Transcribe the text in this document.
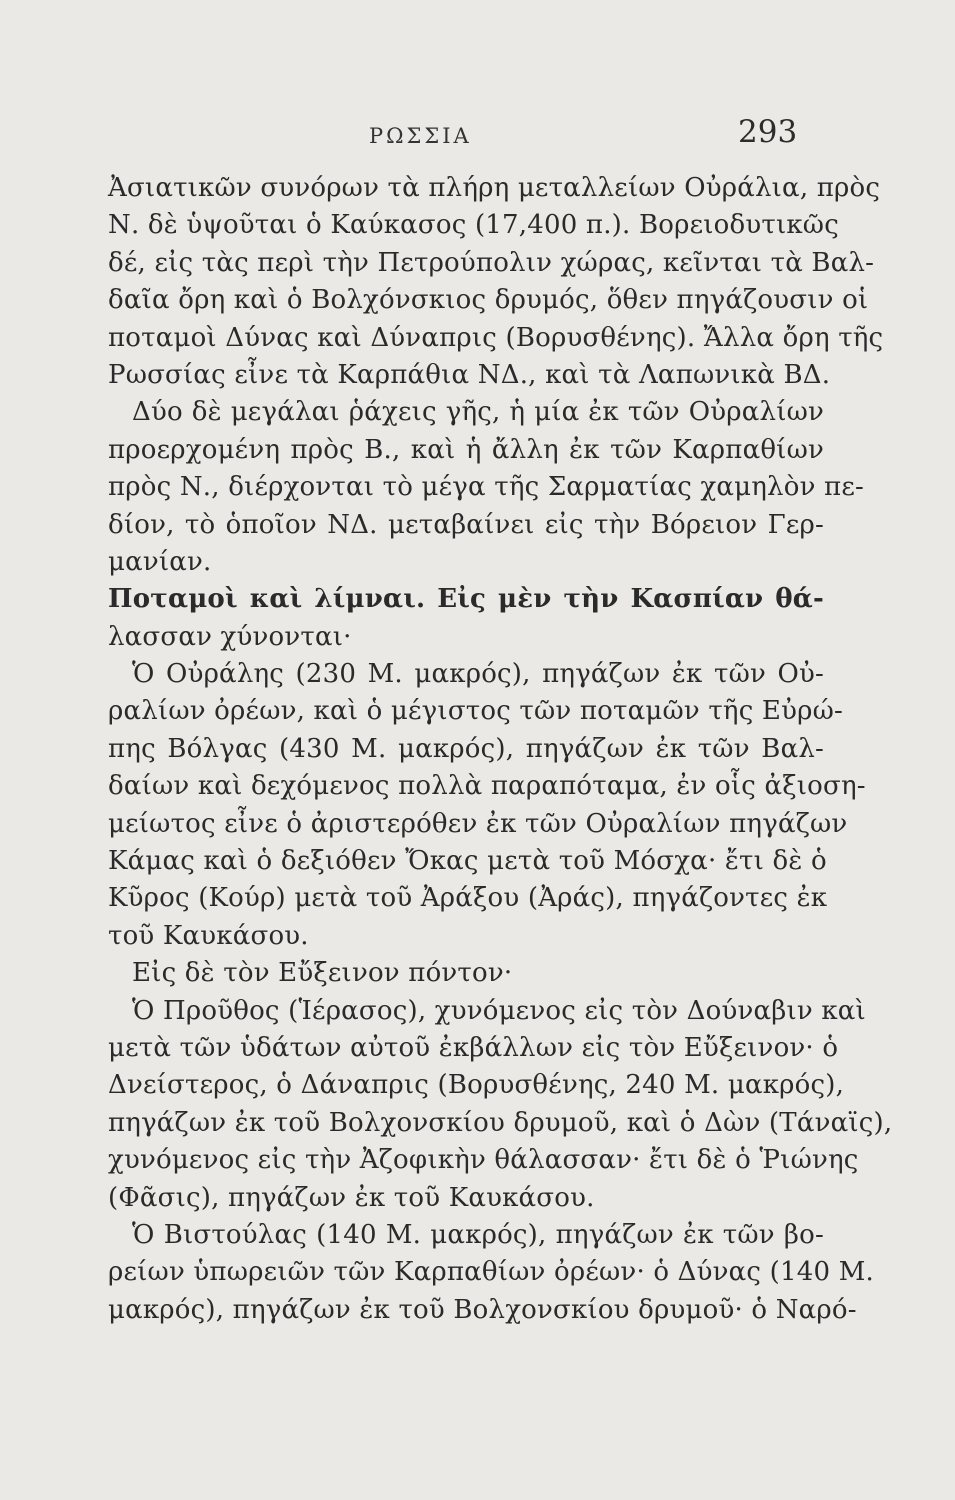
ΡΩΣΣΙΑ	293
Ἀσιατικῶν συνόρων τὰ πλήρη μεταλλείων Οὐράλια, πρὸς
Ν. δὲ ὑψοῦται ὁ Καύκασος (17,400 π.). Βορειοδυτικῶς
δέ, εἰς τὰς περὶ τὴν Πετρούπολιν χώρας, κεῖνται τὰ Βαλ-
δαῖα ὄρη καὶ ὁ Βολχόνσκιος δρυμός, ὅθεν πηγάζουσιν οἱ
ποταμοὶ Δύνας καὶ Δύναπρις (Βορυσθένης). Ἄλλα ὄρη τῆς
Ρωσσίας εἶνε τὰ Καρπάθια ΝΔ., καὶ τὰ Λαπωνικὰ ΒΔ.
Δύο δὲ μεγάλαι ῥάχεις γῆς, ἡ μία ἐκ τῶν Οὐραλίων
προερχομένη πρὸς Β., καὶ ἡ ἄλλη ἐκ τῶν Καρπαθίων
πρὸς Ν., διέρχονται τὸ μέγα τῆς Σαρματίας χαμηλὸν πε-
δίον, τὸ ὁποῖον ΝΔ. μεταβαίνει εἰς τὴν Βόρειον Γερ-
μανίαν.
Ποταμοὶ καὶ λίμναι. Εἰς μὲν τὴν Κασπίαν θά-
λασσαν χύνονται·
Ὁ Οὐράλης (230 Μ. μακρός), πηγάζων ἐκ τῶν Οὐ-
ραλίων ὀρέων, καὶ ὁ μέγιστος τῶν ποταμῶν τῆς Εὐρώ-
πης Βόλγας (430 Μ. μακρός), πηγάζων ἐκ τῶν Βαλ-
δαίων καὶ δεχόμενος πολλὰ παραπόταμα, ἐν οἷς ἀξιοση-
μείωτος εἶνε ὁ ἀριστερόθεν ἐκ τῶν Οὐραλίων πηγάζων
Κάμας καὶ ὁ δεξιόθεν Ὄκας μετὰ τοῦ Μόσχα· ἔτι δὲ ὁ
Κῦρος (Κούρ) μετὰ τοῦ Ἀράξου (Ἀράς), πηγάζοντες ἐκ
τοῦ Καυκάσου.
Εἰς δὲ τὸν Εὔξεινον πόντον·
Ὁ Προῦθος (Ἱέρασος), χυνόμενος εἰς τὸν Δούναβιν καὶ
μετὰ τῶν ὑδάτων αὐτοῦ ἐκβάλλων εἰς τὸν Εὔξεινον· ὁ
Δνείστερος, ὁ Δάναπρις (Βορυσθένης, 240 Μ. μακρός),
πηγάζων ἐκ τοῦ Βολχονσκίου δρυμοῦ, καὶ ὁ Δὼν (Τάναϊς),
χυνόμενος εἰς τὴν Ἀζοφικὴν θάλασσαν· ἔτι δὲ ὁ Ῥιώνης
(Φᾶσις), πηγάζων ἐκ τοῦ Καυκάσου.
Ὁ Βιστούλας (140 Μ. μακρός), πηγάζων ἐκ τῶν βο-
ρείων ὑπωρειῶν τῶν Καρπαθίων ὀρέων· ὁ Δύνας (140 Μ.
μακρός), πηγάζων ἐκ τοῦ Βολχονσκίου δρυμοῦ· ὁ Ναρό-
